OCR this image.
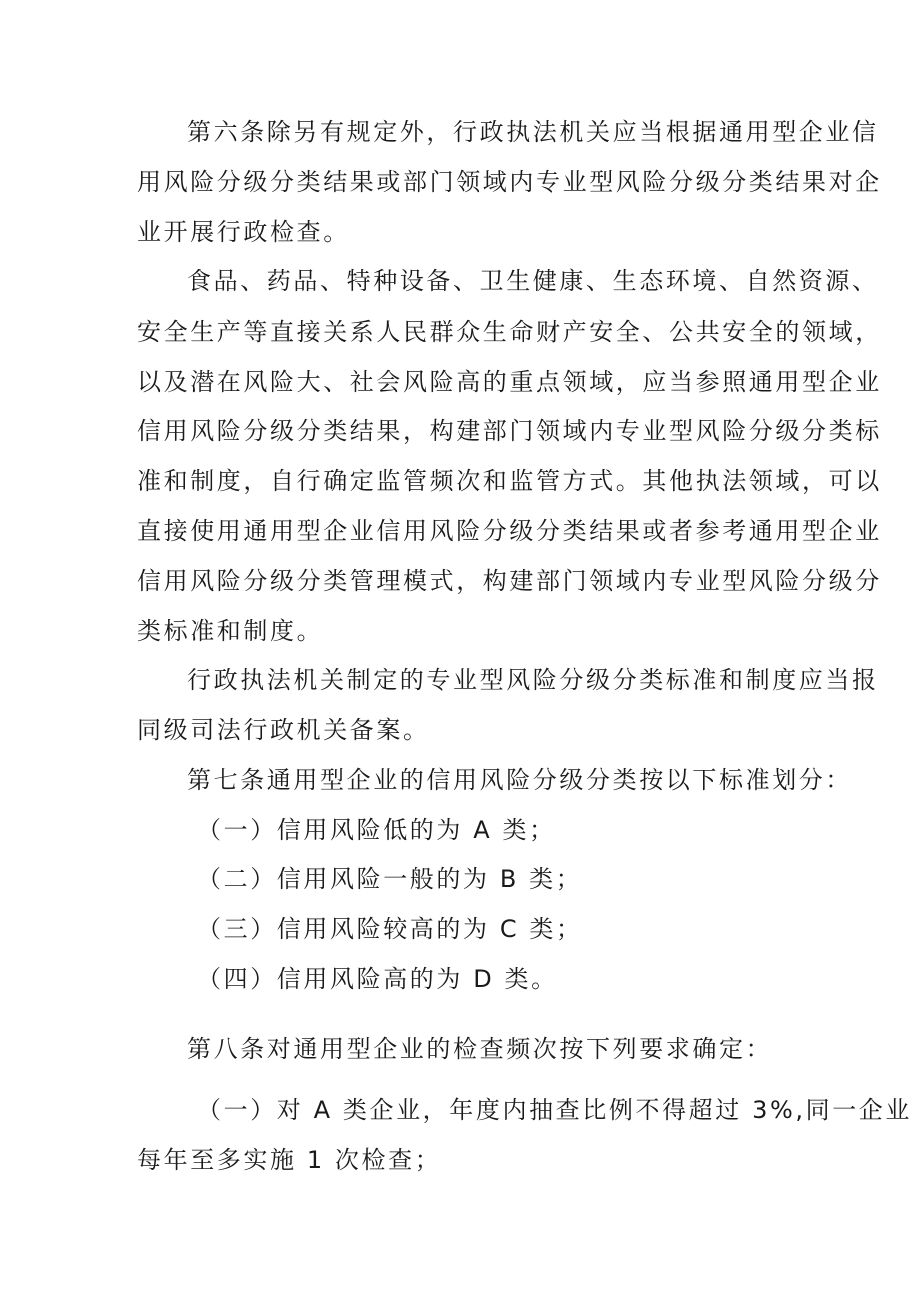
第六条除另有规定外，行政执法机关应当根据通用型企业信
用风险分级分类结果或部门领域内专业型风险分级分类结果对企
业开展行政检查。
食品、药品、特种设备、卫生健康、生态环境、自然资源、
安全生产等直接关系人民群众生命财产安全、公共安全的领域，
以及潜在风险大、社会风险高的重点领域，应当参照通用型企业
信用风险分级分类结果，构建部门领域内专业型风险分级分类标
准和制度，自行确定监管频次和监管方式。其他执法领域，可以
直接使用通用型企业信用风险分级分类结果或者参考通用型企业
信用风险分级分类管理模式，构建部门领域内专业型风险分级分
类标准和制度。
行政执法机关制定的专业型风险分级分类标准和制度应当报
同级司法行政机关备案。
第七条通用型企业的信用风险分级分类按以下标准划分：
（一）信用风险低的为 A 类；
（二）信用风险一般的为 B 类；
（三）信用风险较高的为 C 类；
（四）信用风险高的为 D 类。
第八条对通用型企业的检查频次按下列要求确定：
（一）对 A 类企业，年度内抽查比例不得超过 3%,同一企业
每年至多实施 1 次检查；
